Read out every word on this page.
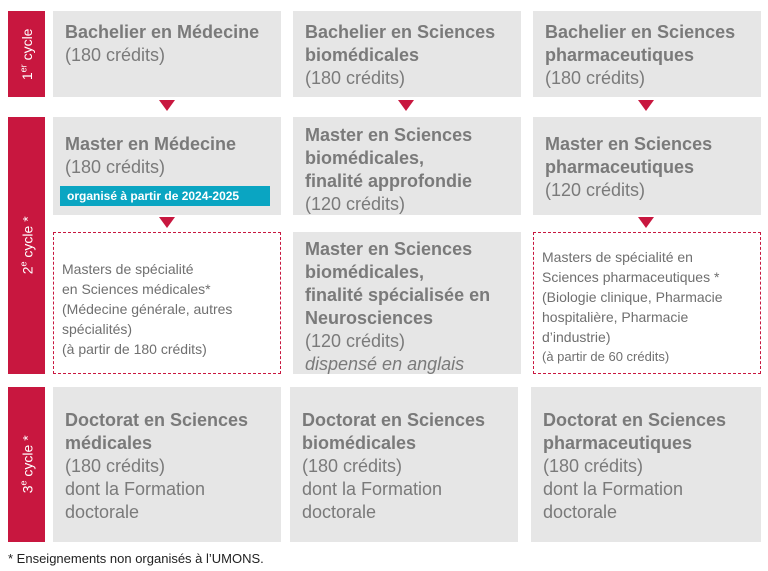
1er cycle
2e cycle *
3e cycle *
Bachelier en Médecine
(180 crédits)
Bachelier en Sciences
biomédicales
(180 crédits)
Bachelier en Sciences
pharmaceutiques
(180 crédits)
Master en Médecine
(180 crédits)
organisé à partir de 2024-2025
Master en Sciences
biomédicales,
finalité approfondie
(120 crédits)
Master en Sciences
pharmaceutiques
(120 crédits)
Masters de spécialité
en Sciences médicales*
(Médecine générale, autres
spécialités)
(à partir de 180 crédits)
Master en Sciences
biomédicales,
finalité spécialisée en
Neurosciences
(120 crédits)
dispensé en anglais
Masters de spécialité en
Sciences pharmaceutiques *
(Biologie clinique, Pharmacie
hospitalière, Pharmacie
d’industrie)
(à partir de 60 crédits)
Doctorat en Sciences
médicales
(180 crédits)
dont la Formation
doctorale
Doctorat en Sciences
biomédicales
(180 crédits)
dont la Formation
doctorale
Doctorat en Sciences
pharmaceutiques
(180 crédits)
dont la Formation
doctorale
* Enseignements non organisés à l’UMONS.
